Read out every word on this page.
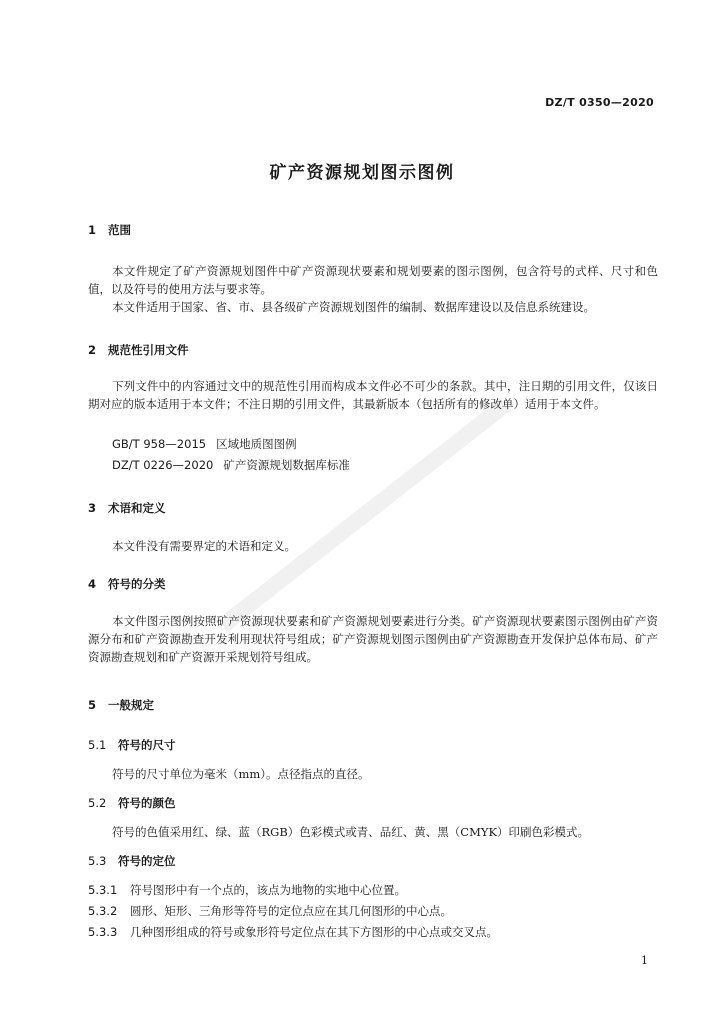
DZ/T 0350—2020
矿产资源规划图示图例
1 范围
本文件规定了矿产资源规划图件中矿产资源现状要素和规划要素的图示图例，包含符号的式样、尺寸和色值，以及符号的使用方法与要求等。
本文件适用于国家、省、市、县各级矿产资源规划图件的编制、数据库建设以及信息系统建设。
2 规范性引用文件
下列文件中的内容通过文中的规范性引用而构成本文件必不可少的条款。其中，注日期的引用文件，仅该日期对应的版本适用于本文件；不注日期的引用文件，其最新版本（包括所有的修改单）适用于本文件。
GB/T 958—2015 区域地质图图例
DZ/T 0226—2020 矿产资源规划数据库标准
3 术语和定义
本文件没有需要界定的术语和定义。
4 符号的分类
本文件图示图例按照矿产资源现状要素和矿产资源规划要素进行分类。矿产资源现状要素图示图例由矿产资源分布和矿产资源勘查开发利用现状符号组成；矿产资源规划图示图例由矿产资源勘查开发保护总体布局、矿产资源勘查规划和矿产资源开采规划符号组成。
5 一般规定
5.1 符号的尺寸
符号的尺寸单位为毫米（mm）。点径指点的直径。
5.2 符号的颜色
符号的色值采用红、绿、蓝（RGB）色彩模式或青、品红、黄、黑（CMYK）印刷色彩模式。
5.3 符号的定位
5.3.1 符号图形中有一个点的，该点为地物的实地中心位置。
5.3.2 圆形、矩形、三角形等符号的定位点应在其几何图形的中心点。
5.3.3 几种图形组成的符号或象形符号定位点在其下方图形的中心点或交叉点。
1
